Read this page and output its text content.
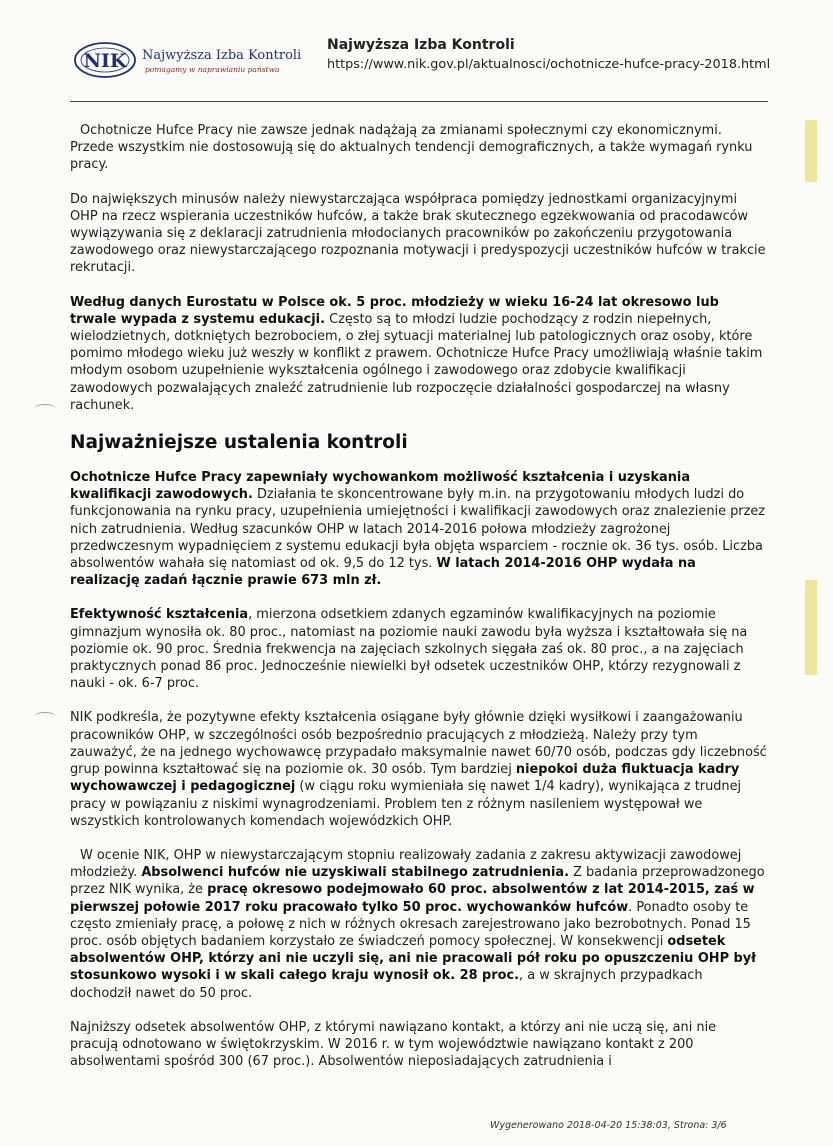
NIK Najwyższa Izba Kontroli
pomagamy w naprawianiu państwa
Najwyższa Izba Kontroli
https://www.nik.gov.pl/aktualnosci/ochotnicze-hufce-pracy-2018.html

Ochotnicze Hufce Pracy nie zawsze jednak nadążają za zmianami społecznymi czy ekonomicznymi. Przede wszystkim nie dostosowują się do aktualnych tendencji demograficznych, a także wymagań rynku pracy.

Do największych minusów należy niewystarczająca współpraca pomiędzy jednostkami organizacyjnymi OHP na rzecz wspierania uczestników hufców, a także brak skutecznego egzekwowania od pracodawców wywiązywania się z deklaracji zatrudnienia młodocianych pracowników po zakończeniu przygotowania zawodowego oraz niewystarczającego rozpoznania motywacji i predyspozycji uczestników hufców w trakcie rekrutacji.

Według danych Eurostatu w Polsce ok. 5 proc. młodzieży w wieku 16-24 lat okresowo lub trwale wypada z systemu edukacji. Często są to młodzi ludzie pochodzący z rodzin niepełnych, wielodzietnych, dotkniętych bezrobociem, o złej sytuacji materialnej lub patologicznych oraz osoby, które pomimo młodego wieku już weszły w konflikt z prawem. Ochotnicze Hufce Pracy umożliwiają właśnie takim młodym osobom uzupełnienie wykształcenia ogólnego i zawodowego oraz zdobycie kwalifikacji zawodowych pozwalających znaleźć zatrudnienie lub rozpoczęcie działalności gospodarczej na własny rachunek.

Najważniejsze ustalenia kontroli

Ochotnicze Hufce Pracy zapewniały wychowankom możliwość kształcenia i uzyskania kwalifikacji zawodowych. Działania te skoncentrowane były m.in. na przygotowaniu młodych ludzi do funkcjonowania na rynku pracy, uzupełnienia umiejętności i kwalifikacji zawodowych oraz znalezienie przez nich zatrudnienia. Według szacunków OHP w latach 2014-2016 połowa młodzieży zagrożonej przedwczesnym wypadnięciem z systemu edukacji była objęta wsparciem - rocznie ok. 36 tys. osób. Liczba absolwentów wahała się natomiast od ok. 9,5 do 12 tys. W latach 2014-2016 OHP wydała na realizację zadań łącznie prawie 673 mln zł.

Efektywność kształcenia, mierzona odsetkiem zdanych egzaminów kwalifikacyjnych na poziomie gimnazjum wynosiła ok. 80 proc., natomiast na poziomie nauki zawodu była wyższa i kształtowała się na poziomie ok. 90 proc. Średnia frekwencja na zajęciach szkolnych sięgała zaś ok. 80 proc., a na zajęciach praktycznych ponad 86 proc. Jednocześnie niewielki był odsetek uczestników OHP, którzy rezygnowali z nauki - ok. 6-7 proc.

NIK podkreśla, że pozytywne efekty kształcenia osiągane były głównie dzięki wysiłkowi i zaangażowaniu pracowników OHP, w szczególności osób bezpośrednio pracujących z młodzieżą. Należy przy tym zauważyć, że na jednego wychowawcę przypadało maksymalnie nawet 60/70 osób, podczas gdy liczebność grup powinna kształtować się na poziomie ok. 30 osób. Tym bardziej niepokoi duża fluktuacja kadry wychowawczej i pedagogicznej (w ciągu roku wymieniała się nawet 1/4 kadry), wynikająca z trudnej pracy w powiązaniu z niskimi wynagrodzeniami. Problem ten z różnym nasileniem występował we wszystkich kontrolowanych komendach wojewódzkich OHP.

W ocenie NIK, OHP w niewystarczającym stopniu realizowały zadania z zakresu aktywizacji zawodowej młodzieży. Absolwenci hufców nie uzyskiwali stabilnego zatrudnienia. Z badania przeprowadzonego przez NIK wynika, że pracę okresowo podejmowało 60 proc. absolwentów z lat 2014-2015, zaś w pierwszej połowie 2017 roku pracowało tylko 50 proc. wychowanków hufców. Ponadto osoby te często zmieniały pracę, a połowę z nich w różnych okresach zarejestrowano jako bezrobotnych. Ponad 15 proc. osób objętych badaniem korzystało ze świadczeń pomocy społecznej. W konsekwencji odsetek absolwentów OHP, którzy ani nie uczyli się, ani nie pracowali pół roku po opuszczeniu OHP był stosunkowo wysoki i w skali całego kraju wynosił ok. 28 proc., a w skrajnych przypadkach dochodził nawet do 50 proc.

Najniższy odsetek absolwentów OHP, z którymi nawiązano kontakt, a którzy ani nie uczą się, ani nie pracują odnotowano w świętokrzyskim. W 2016 r. w tym województwie nawiązano kontakt z 200 absolwentami spośród 300 (67 proc.). Absolwentów nieposiadających zatrudnienia i

Wygenerowano 2018-04-20 15:38:03, Strona: 3/6
